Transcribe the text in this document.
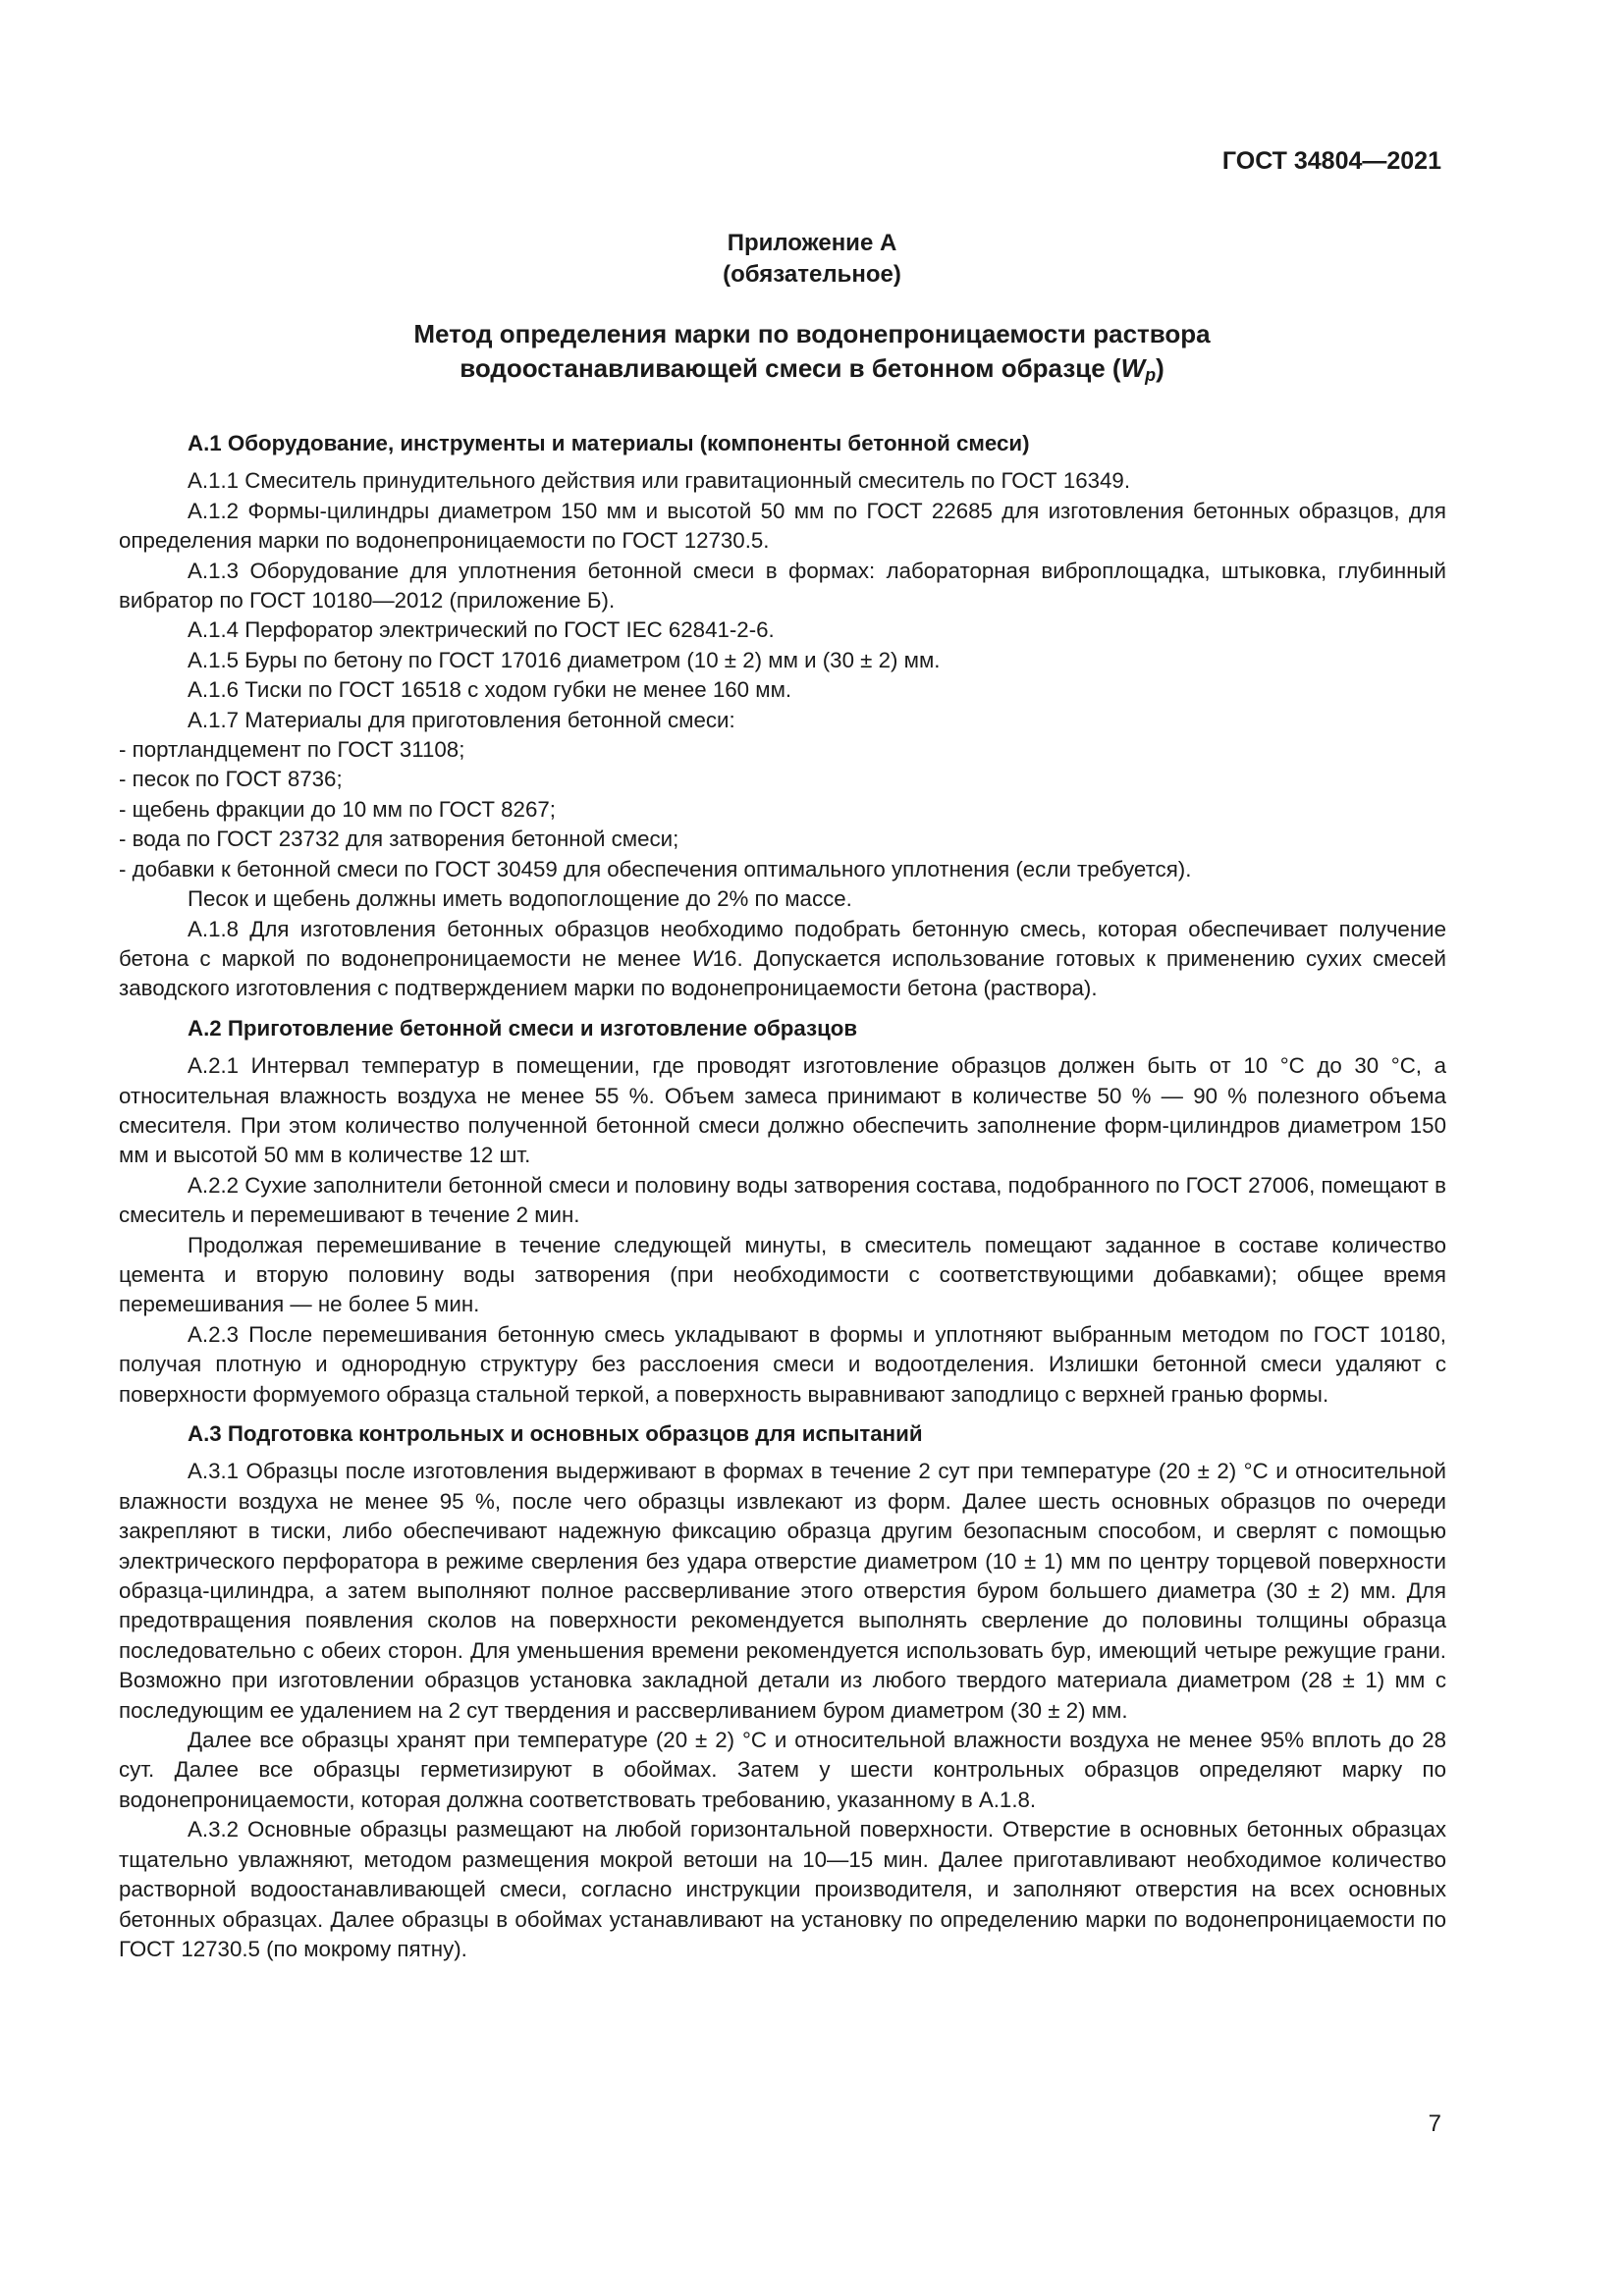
ГОСТ 34804—2021
Приложение А
(обязательное)
Метод определения марки по водонепроницаемости раствора
водоостанавливающей смеси в бетонном образце $(W_p)$

А.1 Оборудование, инструменты и материалы (компоненты бетонной смеси)

А.1.1 Смеситель принудительного действия или гравитационный смеситель по ГОСТ 16349.

А.1.2 Формы-цилиндры диаметром 150 мм и высотой 50 мм по ГОСТ 22685 для изготовления бетонных образцов, для определения марки по водонепроницаемости по ГОСТ 12730.5.

А.1.3 Оборудование для уплотнения бетонной смеси в формах: лабораторная виброплощадка, штыковка, глубинный вибратор по ГОСТ 10180—2012 (приложение Б).

А.1.4 Перфоратор электрический по ГОСТ IEC 62841-2-6.

А.1.5 Буры по бетону по ГОСТ 17016 диаметром (10 ± 2) мм и (30 ± 2) мм.

А.1.6 Тиски по ГОСТ 16518 с ходом губки не менее 160 мм.

А.1.7 Материалы для приготовления бетонной смеси:

- портландцемент по ГОСТ 31108;

- песок по ГОСТ 8736;

- щебень фракции до 10 мм по ГОСТ 8267;

- вода по ГОСТ 23732 для затворения бетонной смеси;

- добавки к бетонной смеси по ГОСТ 30459 для обеспечения оптимального уплотнения (если требуется).

Песок и щебень должны иметь водопоглощение до 2% по массе.

А.1.8 Для изготовления бетонных образцов необходимо подобрать бетонную смесь, которая обеспечивает получение бетона с маркой по водонепроницаемости не менее W16. Допускается использование готовых к применению сухих смесей заводского изготовления с подтверждением марки по водонепроницаемости бетона (раствора).

А.2 Приготовление бетонной смеси и изготовление образцов

А.2.1 Интервал температур в помещении, где проводят изготовление образцов должен быть от 10 °С до 30 °С, а относительная влажность воздуха не менее 55 %. Объем замеса принимают в количестве 50 % — 90 % полезного объема смесителя. При этом количество полученной бетонной смеси должно обеспечить заполнение форм-цилиндров диаметром 150 мм и высотой 50 мм в количестве 12 шт.

А.2.2 Сухие заполнители бетонной смеси и половину воды затворения состава, подобранного по ГОСТ 27006, помещают в смеситель и перемешивают в течение 2 мин.

Продолжая перемешивание в течение следующей минуты, в смеситель помещают заданное в составе количество цемента и вторую половину воды затворения (при необходимости с соответствующими добавками); общее время перемешивания — не более 5 мин.

А.2.3 После перемешивания бетонную смесь укладывают в формы и уплотняют выбранным методом по ГОСТ 10180, получая плотную и однородную структуру без расслоения смеси и водоотделения. Излишки бетонной смеси удаляют с поверхности формуемого образца стальной теркой, а поверхность выравнивают заподлицо с верхней гранью формы.

А.3 Подготовка контрольных и основных образцов для испытаний

А.3.1 Образцы после изготовления выдерживают в формах в течение 2 сут при температуре (20 ± 2) °С и относительной влажности воздуха не менее 95 %, после чего образцы извлекают из форм. Далее шесть основных образцов по очереди закрепляют в тиски, либо обеспечивают надежную фиксацию образца другим безопасным способом, и сверлят с помощью электрического перфоратора в режиме сверления без удара отверстие диаметром (10 ± 1) мм по центру торцевой поверхности образца-цилиндра, а затем выполняют полное рассверливание этого отверстия буром большего диаметра (30 ± 2) мм. Для предотвращения появления сколов на поверхности рекомендуется выполнять сверление до половины толщины образца последовательно с обеих сторон. Для уменьшения времени рекомендуется использовать бур, имеющий четыре режущие грани. Возможно при изготовлении образцов установка закладной детали из любого твердого материала диаметром (28 ± 1) мм с последующим ее удалением на 2 сут твердения и рассверливанием буром диаметром (30 ± 2) мм.

Далее все образцы хранят при температуре (20 ± 2) °С и относительной влажности воздуха не менее 95% вплоть до 28 сут. Далее все образцы герметизируют в обоймах. Затем у шести контрольных образцов определяют марку по водонепроницаемости, которая должна соответствовать требованию, указанному в А.1.8.

А.3.2 Основные образцы размещают на любой горизонтальной поверхности. Отверстие в основных бетонных образцах тщательно увлажняют, методом размещения мокрой ветоши на 10—15 мин. Далее приготавливают необходимое количество растворной водоостанавливающей смеси, согласно инструкции производителя, и заполняют отверстия на всех основных бетонных образцах. Далее образцы в обоймах устанавливают на установку по определению марки по водонепроницаемости по ГОСТ 12730.5 (по мокрому пятну).

7
